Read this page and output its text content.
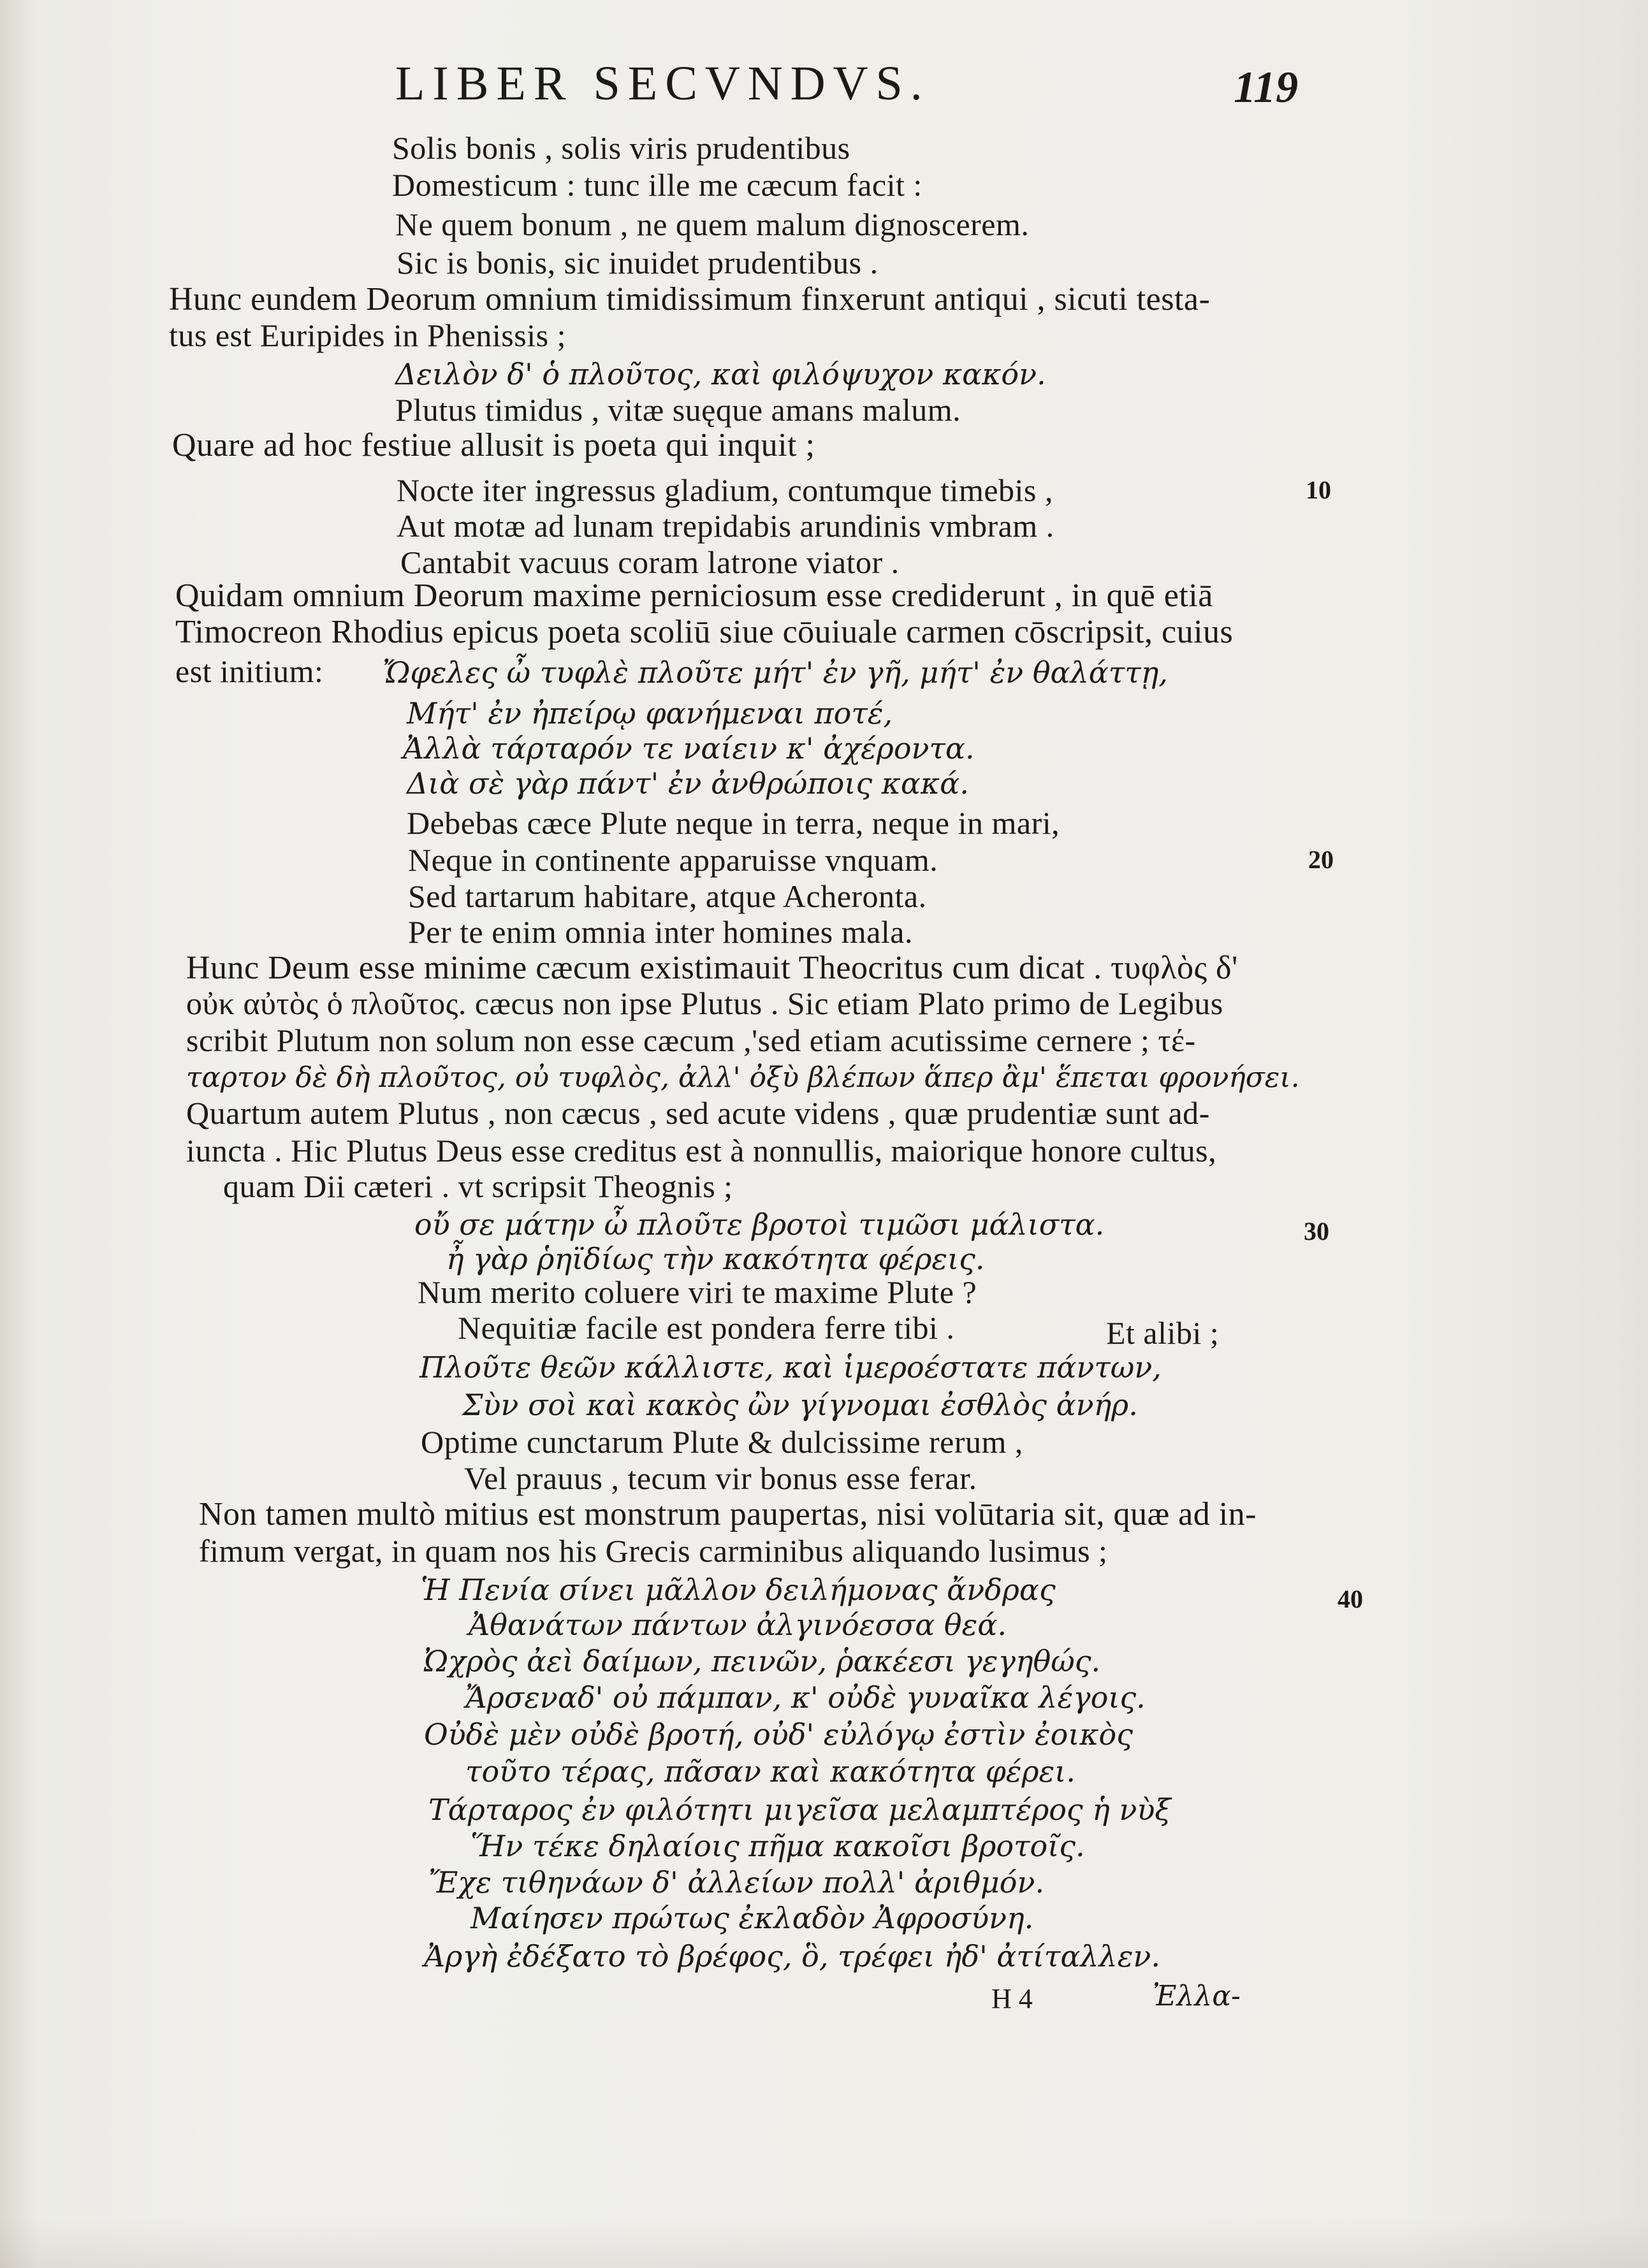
LIBER SECVNDVS.	119
Solis bonis , solis viris prudentibus
Domesticum : tunc ille me cæcum facit :
Ne quem bonum , ne quem malum dignoscerem.
Sic is bonis, sic inuidet prudentibus .
Hunc eundem Deorum omnium timidissimum finxerunt antiqui , sicuti testa-
tus est Euripides in Phenissis ;
Δειλὸν δ' ὁ πλοῦτος, καὶ φιλόψυχον κακόν.
Plutus timidus , vitæ suęque amans malum.
Quare ad hoc festiue allusit is poeta qui inquit ;
Nocte iter ingressus gladium, contumque timebis ,
Aut motæ ad lunam trepidabis arundinis vmbram .
Cantabit vacuus coram latrone viator .
Quidam omnium Deorum maxime perniciosum esse crediderunt , in quē etiā
Timocreon Rhodius epicus poeta scoliū siue cōuiuale carmen cōscripsit, cuius
est initium: Ὤφελες ὦ τυφλὲ πλοῦτε μήτ' ἐν γῆ, μήτ' ἐν θαλάττῃ,
Μήτ' ἐν ἠπείρῳ φανήμεναι ποτέ,
Ἀλλὰ τάρταρόν τε ναίειν κ' ἀχέροντα.
Διὰ σὲ γὰρ πάντ' ἐν ἀνθρώποις κακά.
Debebas cæce Plute neque in terra, neque in mari,
Neque in continente apparuisse vnquam.
Sed tartarum habitare, atque Acheronta.
Per te enim omnia inter homines mala.
Hunc Deum esse minime cæcum existimauit Theocritus cum dicat . τυφλὸς δ'
οὐκ αὐτὸς ὁ πλοῦτος. cæcus non ipse Plutus . Sic etiam Plato primo de Legibus
scribit Plutum non solum non esse cæcum ,'sed etiam acutissime cernere ; τέ-
ταρτον δὲ δὴ πλοῦτος, οὐ τυφλὸς, ἀλλ' ὀξὺ βλέπων ἅπερ ἂμ' ἕπεται φρονήσει.
Quartum autem Plutus , non cæcus , sed acute videns , quæ prudentiæ sunt ad-
iuncta . Hic Plutus Deus esse creditus est à nonnullis, maiorique honore cultus,
quam Dii cæteri . vt scripsit Theognis ;
οὔ σε μάτην ὦ πλοῦτε βροτοὶ τιμῶσι μάλιστα.
ἦ γὰρ ῥηϊδίως τὴν κακότητα φέρεις.
Num merito coluere viri te maxime Plute ?
Nequitiæ facile est pondera ferre tibi .	Et alibi ;
Πλοῦτε θεῶν κάλλιστε, καὶ ἱμεροέστατε πάντων,
Σὺν σοὶ καὶ κακὸς ὢν γίγνομαι ἐσθλὸς ἀνήρ.
Optime cunctarum Plute & dulcissime rerum ,
Vel prauus , tecum vir bonus esse ferar.
Non tamen multò mitius est monstrum paupertas, nisi volūtaria sit, quæ ad in-
fimum vergat, in quam nos his Grecis carminibus aliquando lusimus ;
Ἡ Πενία σίνει μᾶλλον δειλήμονας ἄνδρας
Ἀθανάτων πάντων ἀλγινόεσσα θεά.
Ὠχρὸς ἀεὶ δαίμων, πεινῶν, ῥακέεσι γεγηθώς.
Ἄρσεναδ' οὐ πάμπαν, κ' οὐδὲ γυναῖκα λέγοις.
Οὐδὲ μὲν οὐδὲ βροτή, οὐδ' εὐλόγῳ ἐστὶν ἐοικὸς
τοῦτο τέρας, πᾶσαν καὶ κακότητα φέρει.
Τάρταρος ἐν φιλότητι μιγεῖσα μελαμπτέρος ἡ νὺξ
Ἥν τέκε δηλαίοις πῆμα κακοῖσι βροτοῖς.
Ἔχε τιθηνάων δ' ἀλλείων πολλ' ἀριθμόν.
Μαίησεν πρώτως ἐκλαδὸν Ἀφροσύνη.
Ἀργὴ ἐδέξατο τὸ βρέφος, ὃ, τρέφει ἠδ' ἀτίταλλεν.
10
20
30
40
H 4	Ἐλλα-
